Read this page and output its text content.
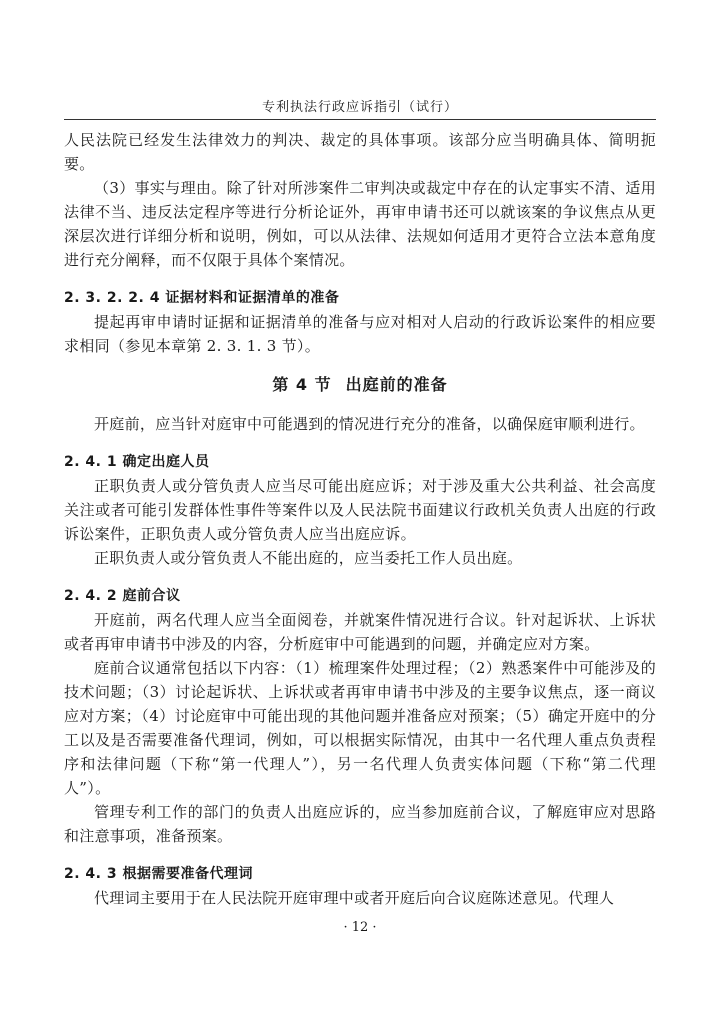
专利执法行政应诉指引（试行）

人民法院已经发生法律效力的判决、裁定的具体事项。该部分应当明确具体、简明扼要。

（3）事实与理由。除了针对所涉案件二审判决或裁定中存在的认定事实不清、适用法律不当、违反法定程序等进行分析论证外，再审申请书还可以就该案的争议焦点从更深层次进行详细分析和说明，例如，可以从法律、法规如何适用才更符合立法本意角度进行充分阐释，而不仅限于具体个案情况。

2. 3. 2. 2. 4 证据材料和证据清单的准备

提起再审申请时证据和证据清单的准备与应对相对人启动的行政诉讼案件的相应要求相同（参见本章第 2. 3. 1. 3 节）。

第 4 节 出庭前的准备

开庭前，应当针对庭审中可能遇到的情况进行充分的准备，以确保庭审顺利进行。

2. 4. 1 确定出庭人员

正职负责人或分管负责人应当尽可能出庭应诉；对于涉及重大公共利益、社会高度关注或者可能引发群体性事件等案件以及人民法院书面建议行政机关负责人出庭的行政诉讼案件，正职负责人或分管负责人应当出庭应诉。

正职负责人或分管负责人不能出庭的，应当委托工作人员出庭。

2. 4. 2 庭前合议

开庭前，两名代理人应当全面阅卷，并就案件情况进行合议。针对起诉状、上诉状或者再审申请书中涉及的内容，分析庭审中可能遇到的问题，并确定应对方案。

庭前合议通常包括以下内容：（1）梳理案件处理过程；（2）熟悉案件中可能涉及的技术问题；（3）讨论起诉状、上诉状或者再审申请书中涉及的主要争议焦点，逐一商议应对方案；（4）讨论庭审中可能出现的其他问题并准备应对预案；（5）确定开庭中的分工以及是否需要准备代理词，例如，可以根据实际情况，由其中一名代理人重点负责程序和法律问题（下称“第一代理人”），另一名代理人负责实体问题（下称“第二代理人”）。

管理专利工作的部门的负责人出庭应诉的，应当参加庭前合议，了解庭审应对思路和注意事项，准备预案。

2. 4. 3 根据需要准备代理词

代理词主要用于在人民法院开庭审理中或者开庭后向合议庭陈述意见。代理人

· 12 ·
